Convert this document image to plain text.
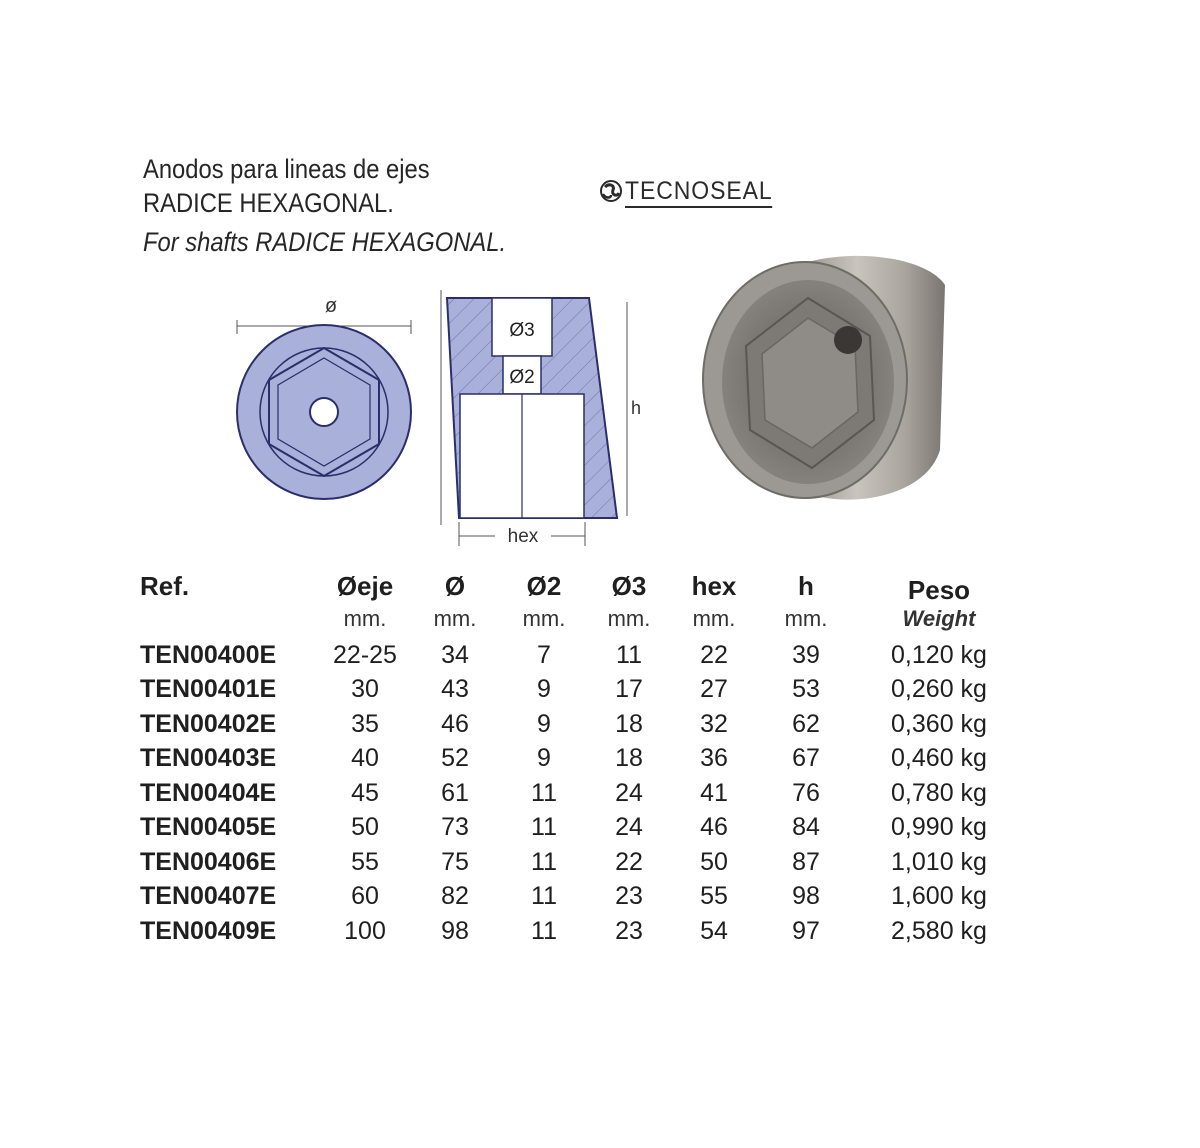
Anodos para lineas de ejes
RADICE HEXAGONAL.
For shafts RADICE HEXAGONAL.
TECNOSEAL
ø
Ø3
Ø2
h
hex
Ref.	Øeje	Ø	Ø2	Ø3	hex	h	Peso
	mm.	mm.	mm.	mm.	mm.	mm.	Weight
TEN00400E	22-25	34	7	11	22	39	0,120 kg
TEN00401E	30	43	9	17	27	53	0,260 kg
TEN00402E	35	46	9	18	32	62	0,360 kg
TEN00403E	40	52	9	18	36	67	0,460 kg
TEN00404E	45	61	11	24	41	76	0,780 kg
TEN00405E	50	73	11	24	46	84	0,990 kg
TEN00406E	55	75	11	22	50	87	1,010 kg
TEN00407E	60	82	11	23	55	98	1,600 kg
TEN00409E	100	98	11	23	54	97	2,580 kg
